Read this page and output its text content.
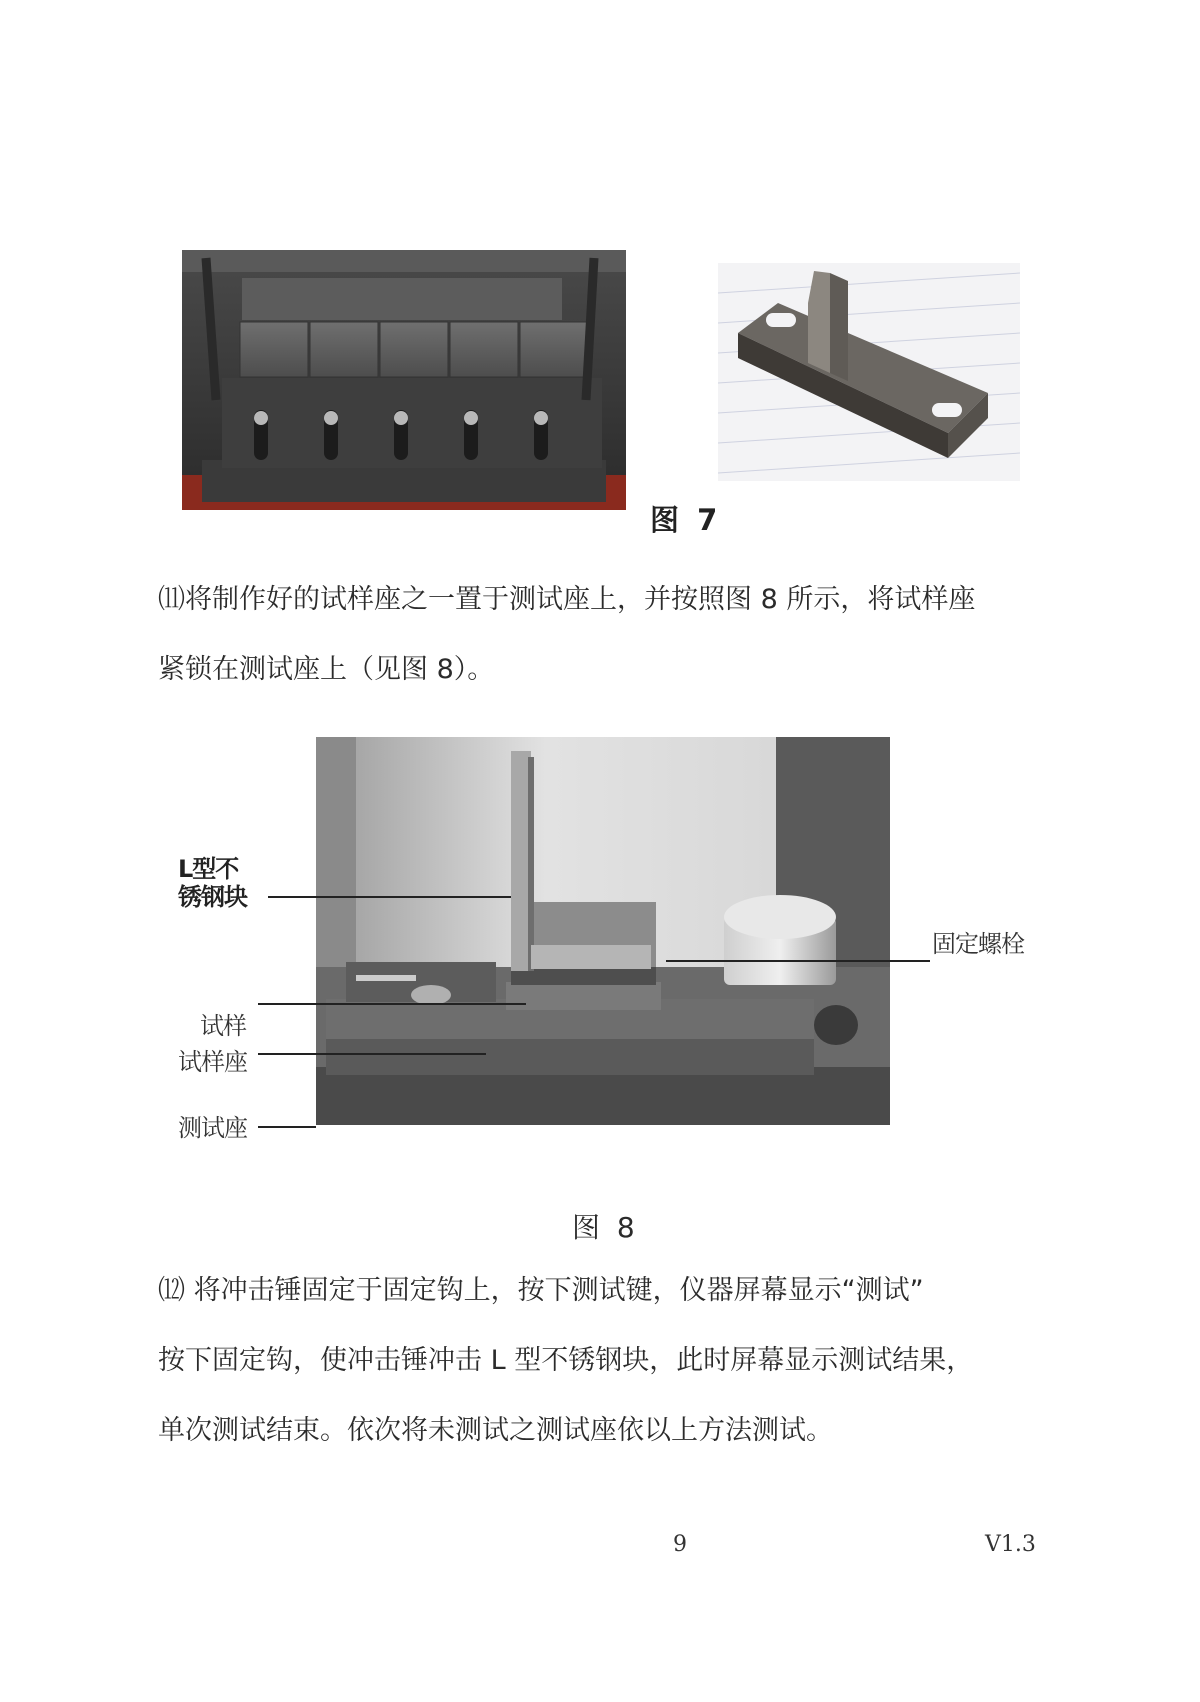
图 7
⑾将制作好的试样座之一置于测试座上，并按照图 8 所示，将试样座
紧锁在测试座上（见图 8）。
L型不
锈钢块
试样
试样座
测试座
固定螺栓
图 8
⑿ 将冲击锤固定于固定钩上，按下测试键，仪器屏幕显示“测试”
按下固定钩，使冲击锤冲击 L 型不锈钢块，此时屏幕显示测试结果，
单次测试结束。依次将未测试之测试座依以上方法测试。
9	V1.3
